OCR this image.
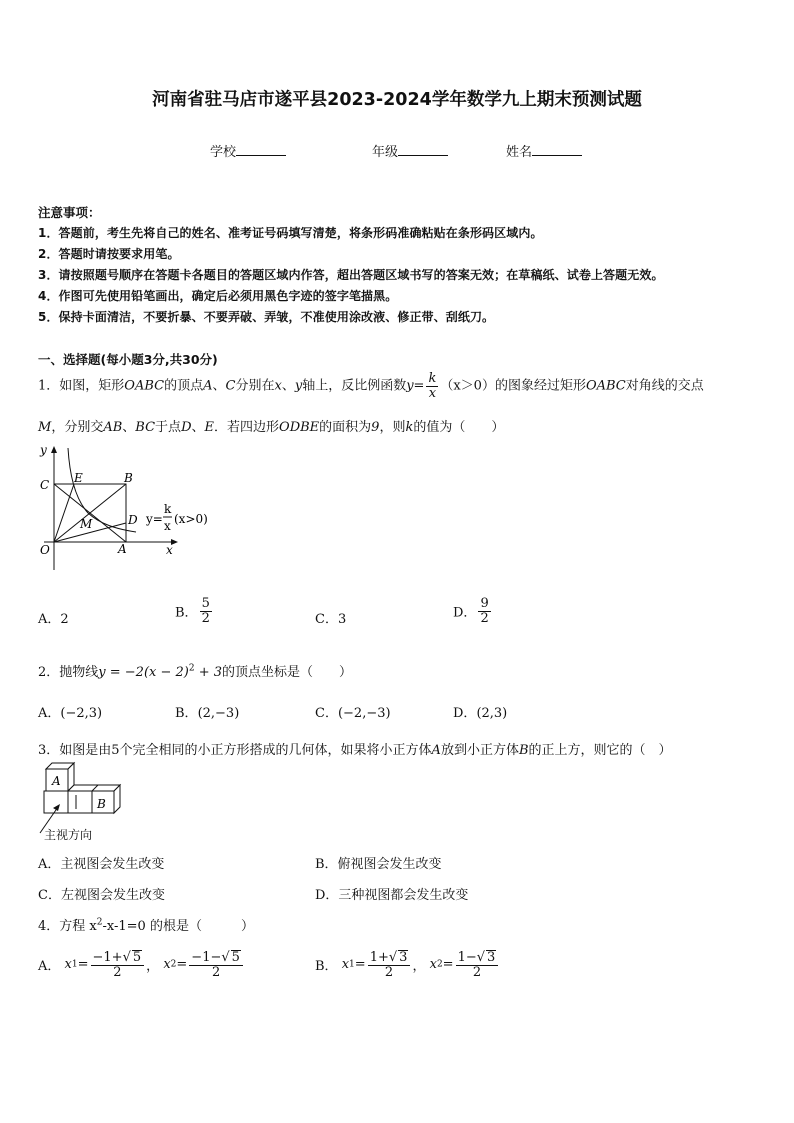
河南省驻马店市遂平县2023-2024学年数学九上期末预测试题
学校	年级	姓名
注意事项：
1．答题前，考生先将自己的姓名、准考证号码填写清楚，将条形码准确粘贴在条形码区域内。
2．答题时请按要求用笔。
3．请按照题号顺序在答题卡各题目的答题区域内作答，超出答题区域书写的答案无效；在草稿纸、试卷上答题无效。
4．作图可先使用铅笔画出，确定后必须用黑色字迹的签字笔描黑。
5．保持卡面清洁，不要折暴、不要弄破、弄皱，不准使用涂改液、修正带、刮纸刀。
一、选择题(每小题3分,共30分)
1．如图，矩形OABC的顶点A、C分别在x、y轴上，反比例函数$y= \frac{k}{x} (x>0)$的图象经过矩形OABC对角线的交点
M，分别交AB、BC于点D、E．若四边形ODBE的面积为9，则k的值为（　　）
y
x
O
C E	B
M	D
A
y=
k
x (x>0)
A．2	B． $\frac{5}{2}$	C．3	D． $\frac{9}{2}$
2．抛物线$y = -2(x - 2)^2 + 3$的顶点坐标是（　　）
A．(−2,3)	B．(2,−3)	C．(−2,−3)	D．(2,3)
3．如图是由5个完全相同的小正方形搭成的几何体，如果将小正方体A放到小正方体B的正上方，则它的（　）
A
B
主视方向
A．主视图会发生改变	B．俯视图会发生改变
C．左视图会发生改变	D．三种视图都会发生改变
4．方程 $x^2-x-1=0$ 的根是（　　　）
A． $x1= \frac{-1+√ 5}{2}$ ， $x2= \frac{-1-√ 5}{2}$	B． $x1= \frac{1+√ 3}{2}$ ， $x2= \frac{1-√ 3}{2}$
